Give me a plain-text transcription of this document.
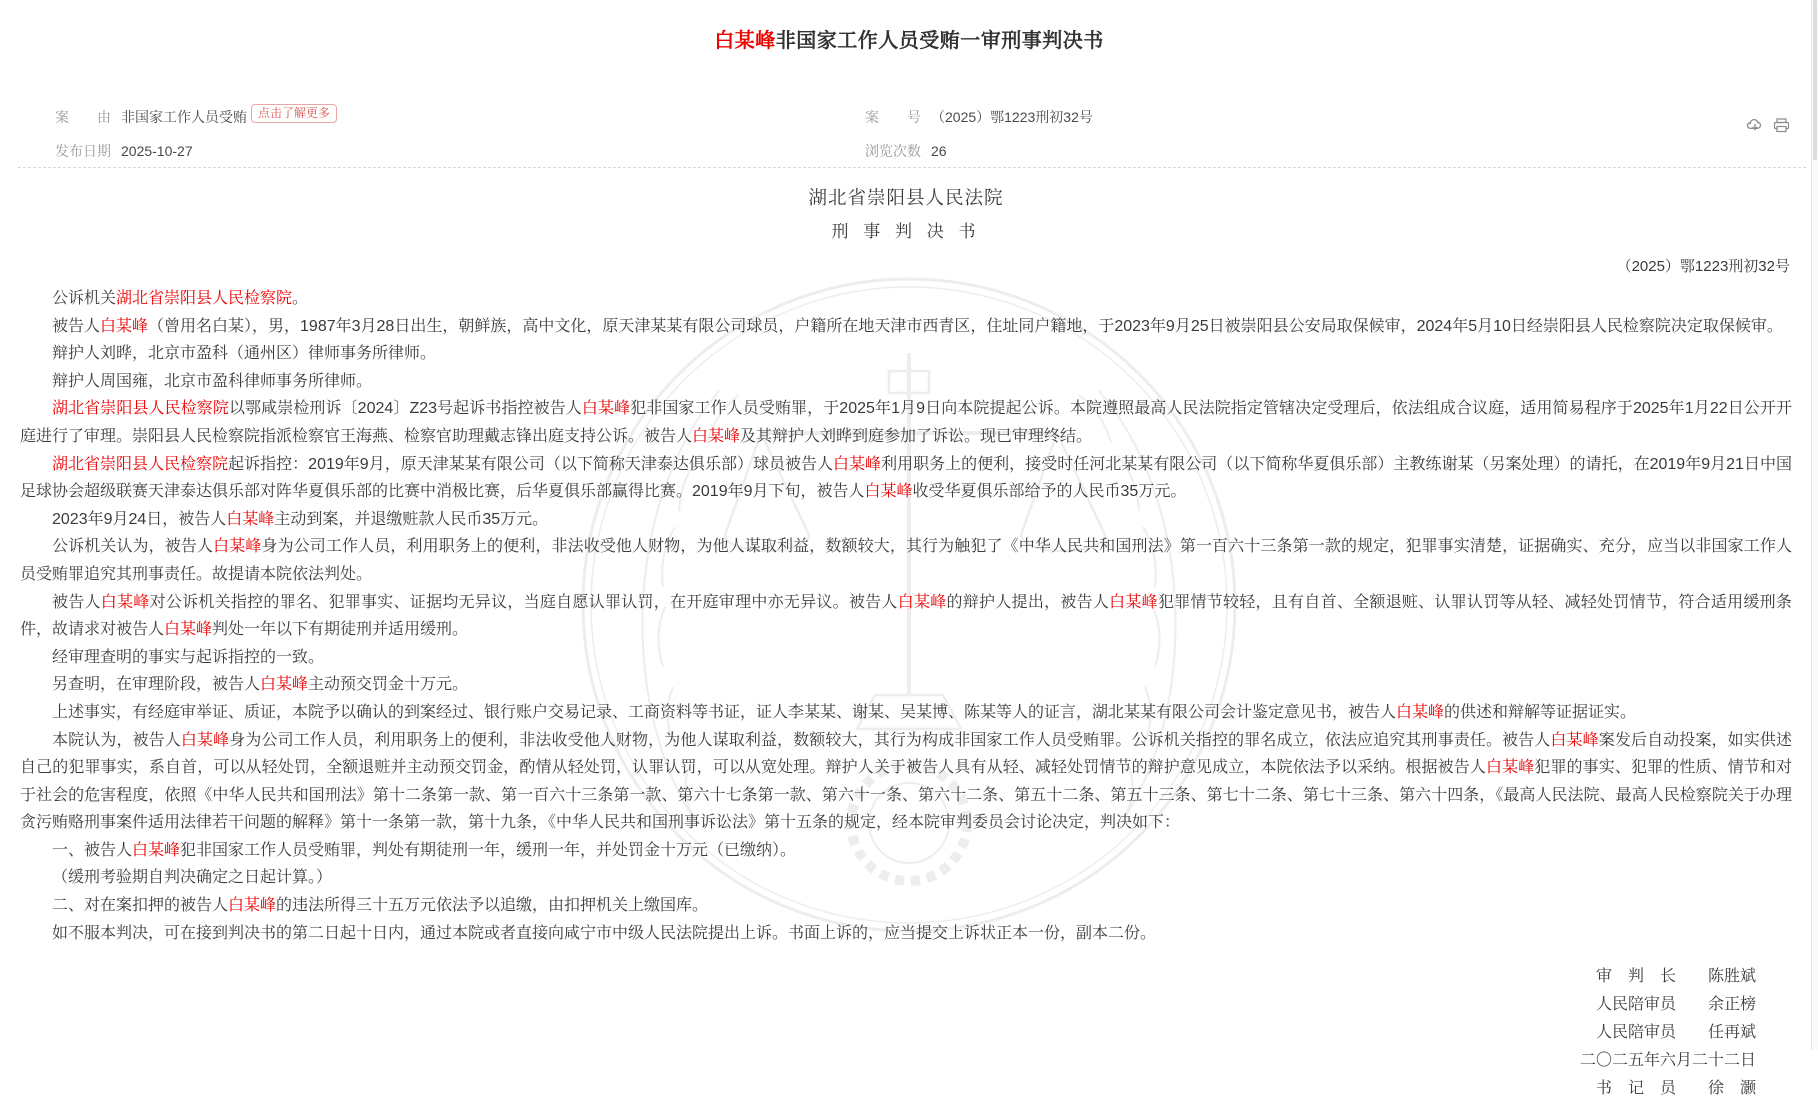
白某峰非国家工作人员受贿一审刑事判决书
案　　由 非国家工作人员受贿 点击了解更多	案　　号 （2025）鄂1223刑初32号
发布日期 2025-10-27	浏览次数 26
湖北省崇阳县人民法院
刑 事 判 决 书
（2025）鄂1223刑初32号

公诉机关湖北省崇阳县人民检察院。

被告人白某峰（曾用名白某），男，1987年3月28日出生，朝鲜族，高中文化，原天津某某有限公司球员，户籍所在地天津市西青区，住址同户籍地，于2023年9月25日被崇阳县公安局取保候审，2024年5月10日经崇阳县人民检察院决定取保候审。

辩护人刘晔，北京市盈科（通州区）律师事务所律师。

辩护人周国雍，北京市盈科律师事务所律师。

湖北省崇阳县人民检察院以鄂咸崇检刑诉〔2024〕Z23号起诉书指控被告人白某峰犯非国家工作人员受贿罪，于2025年1月9日向本院提起公诉。本院遵照最高人民法院指定管辖决定受理后，依法组成合议庭，适用简易程序于2025年1月22日公开开庭进行了审理。崇阳县人民检察院指派检察官王海燕、检察官助理戴志锋出庭支持公诉。被告人白某峰及其辩护人刘晔到庭参加了诉讼。现已审理终结。

湖北省崇阳县人民检察院起诉指控：2019年9月，原天津某某有限公司（以下简称天津泰达俱乐部）球员被告人白某峰利用职务上的便利，接受时任河北某某有限公司（以下简称华夏俱乐部）主教练谢某（另案处理）的请托，在2019年9月21日中国足球协会超级联赛天津泰达俱乐部对阵华夏俱乐部的比赛中消极比赛，后华夏俱乐部赢得比赛。2019年9月下旬，被告人白某峰收受华夏俱乐部给予的人民币35万元。

2023年9月24日，被告人白某峰主动到案，并退缴赃款人民币35万元。

公诉机关认为，被告人白某峰身为公司工作人员，利用职务上的便利，非法收受他人财物，为他人谋取利益，数额较大，其行为触犯了《中华人民共和国刑法》第一百六十三条第一款的规定，犯罪事实清楚，证据确实、充分，应当以非国家工作人员受贿罪追究其刑事责任。故提请本院依法判处。

被告人白某峰对公诉机关指控的罪名、犯罪事实、证据均无异议，当庭自愿认罪认罚，在开庭审理中亦无异议。被告人白某峰的辩护人提出，被告人白某峰犯罪情节较轻，且有自首、全额退赃、认罪认罚等从轻、减轻处罚情节，符合适用缓刑条件，故请求对被告人白某峰判处一年以下有期徒刑并适用缓刑。

经审理查明的事实与起诉指控的一致。

另查明，在审理阶段，被告人白某峰主动预交罚金十万元。

上述事实，有经庭审举证、质证，本院予以确认的到案经过、银行账户交易记录、工商资料等书证，证人李某某、谢某、吴某博、陈某等人的证言，湖北某某有限公司会计鉴定意见书，被告人白某峰的供述和辩解等证据证实。

本院认为，被告人白某峰身为公司工作人员，利用职务上的便利，非法收受他人财物，为他人谋取利益，数额较大，其行为构成非国家工作人员受贿罪。公诉机关指控的罪名成立，依法应追究其刑事责任。被告人白某峰案发后自动投案，如实供述自己的犯罪事实，系自首，可以从轻处罚，全额退赃并主动预交罚金，酌情从轻处罚，认罪认罚，可以从宽处理。辩护人关于被告人具有从轻、减轻处罚情节的辩护意见成立，本院依法予以采纳。根据被告人白某峰犯罪的事实、犯罪的性质、情节和对于社会的危害程度，依照《中华人民共和国刑法》第十二条第一款、第一百六十三条第一款、第六十七条第一款、第六十一条、第六十二条、第五十二条、第五十三条、第七十二条、第七十三条、第六十四条，《最高人民法院、最高人民检察院关于办理贪污贿赂刑事案件适用法律若干问题的解释》第十一条第一款，第十九条，《中华人民共和国刑事诉讼法》第十五条的规定，经本院审判委员会讨论决定，判决如下：

一、被告人白某峰犯非国家工作人员受贿罪，判处有期徒刑一年，缓刑一年，并处罚金十万元（已缴纳）。

（缓刑考验期自判决确定之日起计算。）

二、对在案扣押的被告人白某峰的违法所得三十五万元依法予以追缴，由扣押机关上缴国库。

如不服本判决，可在接到判决书的第二日起十日内，通过本院或者直接向咸宁市中级人民法院提出上诉。书面上诉的，应当提交上诉状正本一份，副本二份。

审　判　长 陈胜斌
人民陪审员 余正榜
人民陪审员 任再斌
二〇二五年六月二十二日
书　记　员 徐　灏
